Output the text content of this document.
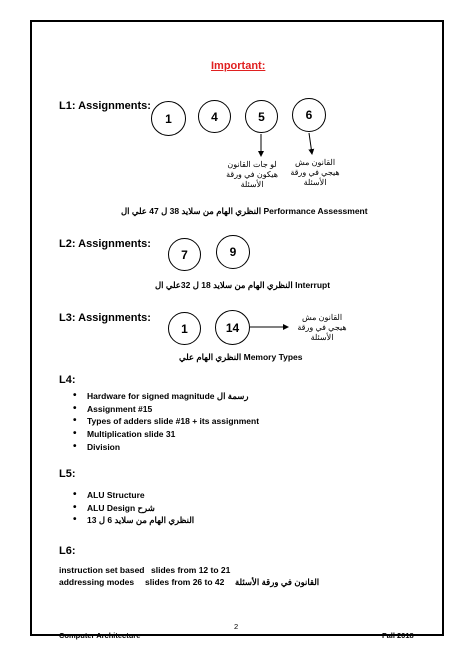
Important:
L1: Assignments:
1	4	5	6
لو جات القانون
هيكون في ورقة
الأسئلة
القانون مش
هيجي في ورقة
الأسئلة
النظري الهام من سلايد 38 ل 47 علي ال Performance Assessment
L2: Assignments:
7	9
النظري الهام من سلايد 18 ل 32علي ال Interrupt
L3: Assignments:
1	14
القانون مش
هيجي في ورقة
الأسئلة
النظري الهام علي Memory Types
L4:
• Hardware for signed magnitude رسمة ال
• Assignment #15
• Types of adders slide #18 + its assignment
• Multiplication slide 31
• Division
L5:
• ALU Structure
• ALU Design شرح
• النظري الهام من سلايد 6 ل 13
L6:
instruction set based slides from 12 to 21
addressing modes slides from 26 to 42 القانون في ورقة الأسئلة
2
Computer Architecture	Fall 2018
